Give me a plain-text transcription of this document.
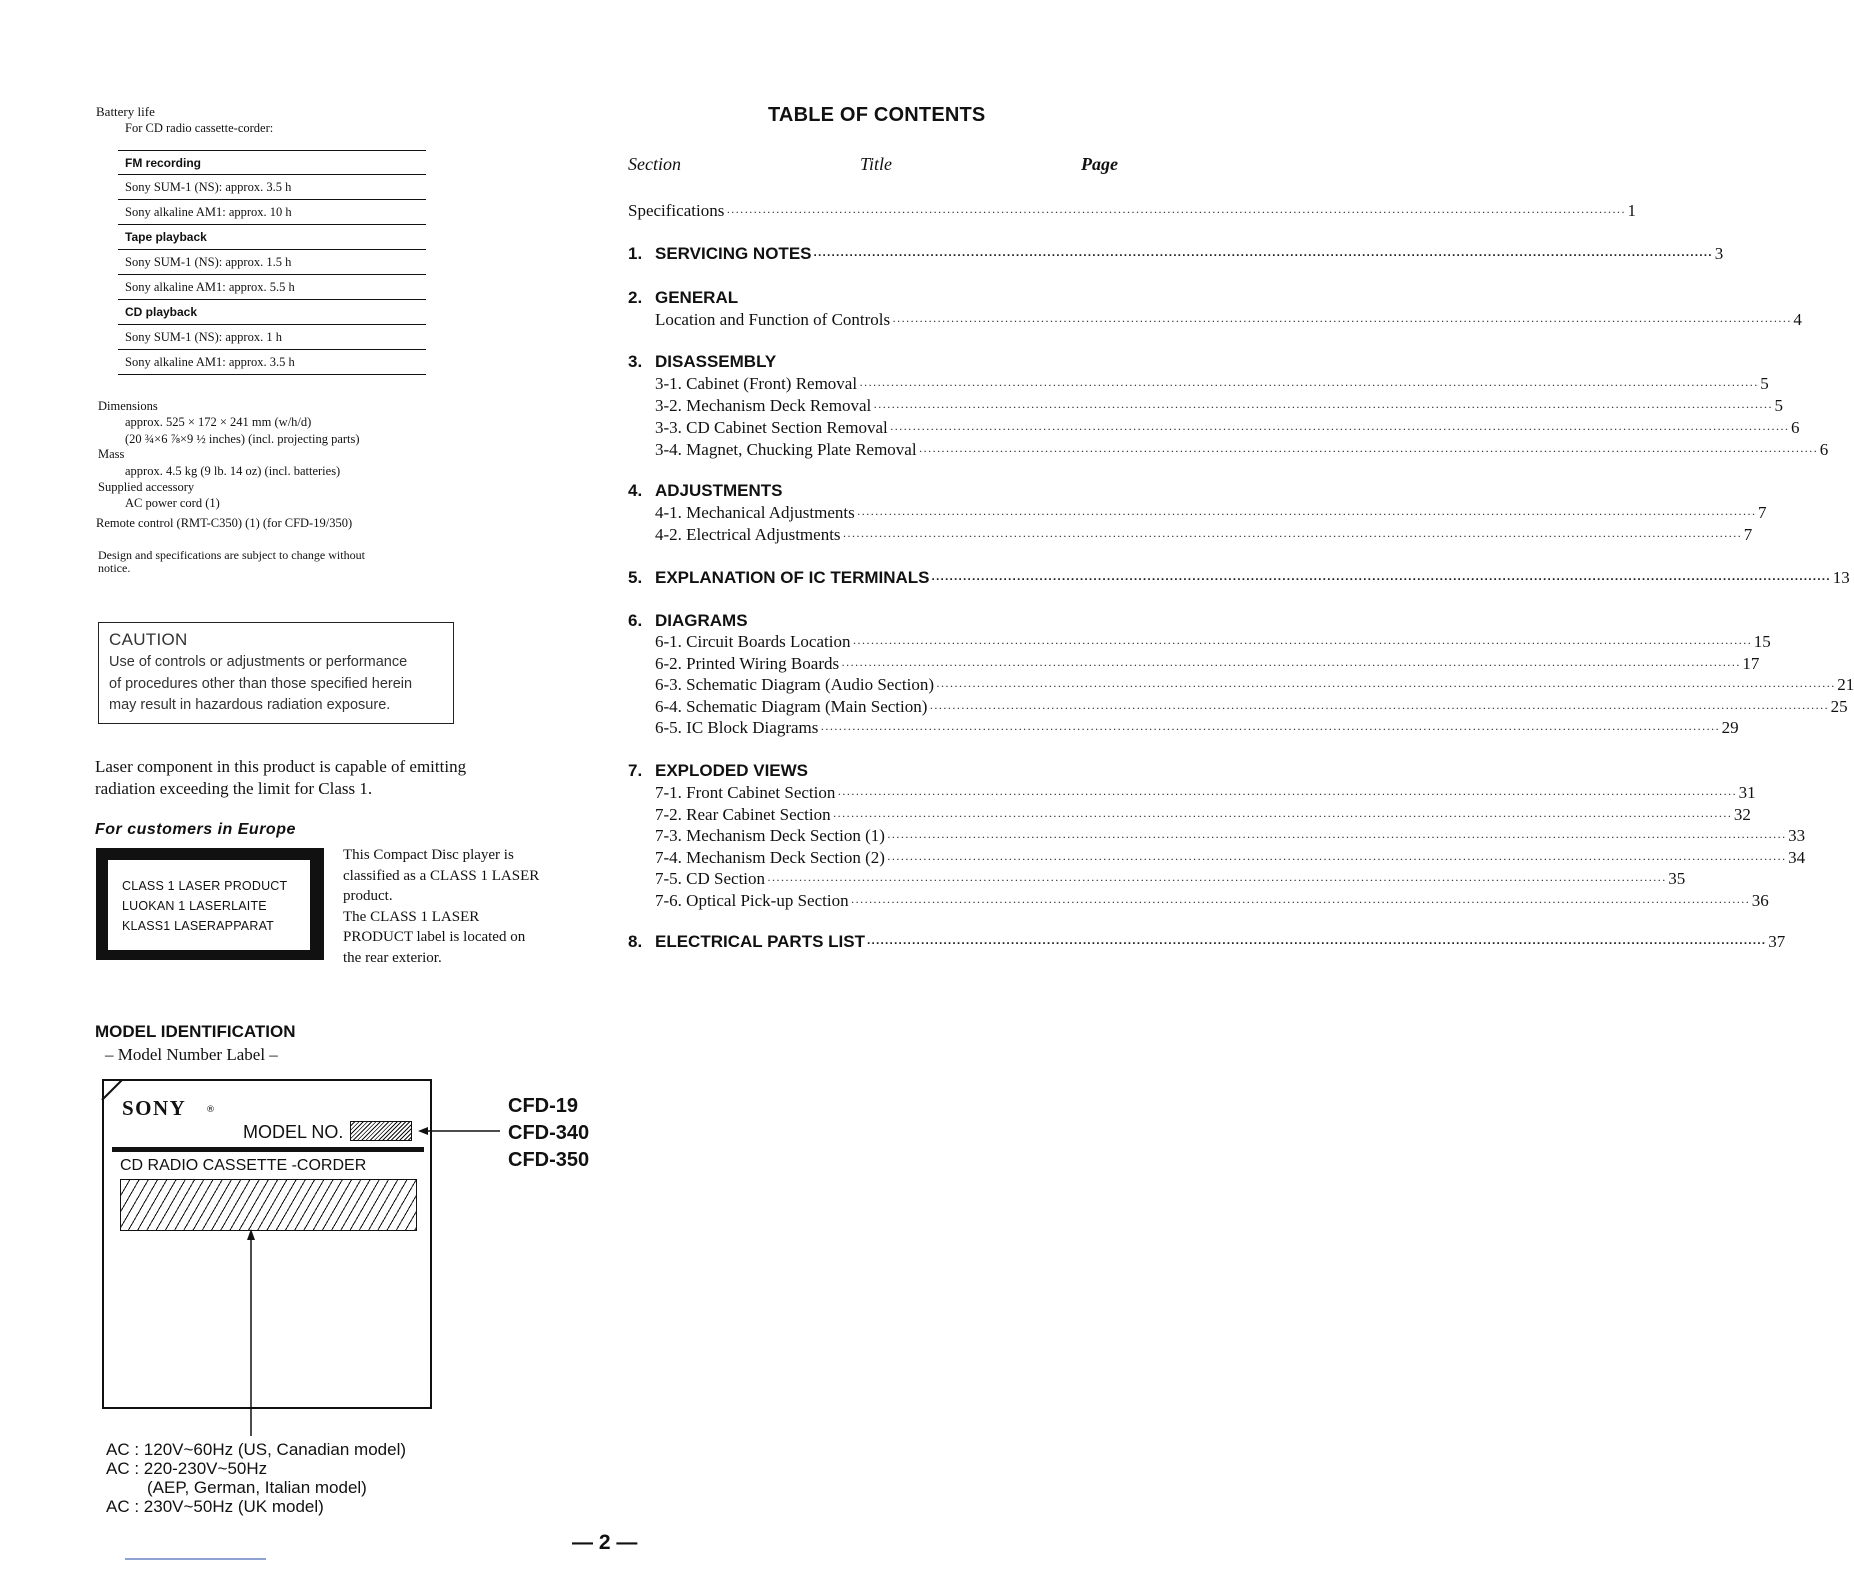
Battery life
For CD radio cassette-corder:
FM recording
Sony SUM-1 (NS): approx. 3.5 h
Sony alkaline AM1: approx. 10 h
Tape playback
Sony SUM-1 (NS): approx. 1.5 h
Sony alkaline AM1: approx. 5.5 h
CD playback
Sony SUM-1 (NS): approx. 1 h
Sony alkaline AM1: approx. 3.5 h
Dimensions
approx. 525 × 172 × 241 mm (w/h/d)
(20 ¾×6 ⅞×9 ½ inches) (incl. projecting parts)
Mass
approx. 4.5 kg (9 lb. 14 oz) (incl. batteries)
Supplied accessory
AC power cord (1)
Remote control (RMT-C350) (1) (for CFD-19/350)
Design and specifications are subject to change without
notice.
CAUTION
Use of controls or adjustments or performance
of procedures other than those specified herein
may result in hazardous radiation exposure.
Laser component in this product is capable of emitting
radiation exceeding the limit for Class 1.
For customers in Europe
CLASS 1 LASER PRODUCT
LUOKAN 1 LASERLAITE
KLASS1 LASERAPPARAT
This Compact Disc player is
classified as a CLASS 1 LASER
product.
The CLASS 1 LASER
PRODUCT label is located on
the rear exterior.
MODEL IDENTIFICATION
– Model Number Label –
SONY ®
MODEL NO.
CD RADIO CASSETTE -CORDER
CFD-19
CFD-340
CFD-350
AC : 120V~60Hz (US, Canadian model)
AC : 220-230V~50Hz
(AEP, German, Italian model)
AC : 230V~50Hz (UK model)
TABLE OF CONTENTS
Section	Title	Page
Specifications ········································································································································································································ 1
1. SERVICING NOTES ········································································································································································································ 3
2. GENERAL
Location and Function of Controls ········································································································································································································ 4
3. DISASSEMBLY
3-1. Cabinet (Front) Removal ········································································································································································································ 5
3-2. Mechanism Deck Removal ········································································································································································································ 5
3-3. CD Cabinet Section Removal ········································································································································································································ 6
3-4. Magnet, Chucking Plate Removal ········································································································································································································ 6
4. ADJUSTMENTS
4-1. Mechanical Adjustments ········································································································································································································ 7
4-2. Electrical Adjustments ········································································································································································································ 7
5. EXPLANATION OF IC TERMINALS ········································································································································································································ 13
6. DIAGRAMS
6-1. Circuit Boards Location ········································································································································································································ 15
6-2. Printed Wiring Boards ········································································································································································································ 17
6-3. Schematic Diagram (Audio Section) ········································································································································································································ 21
6-4. Schematic Diagram (Main Section) ········································································································································································································ 25
6-5. IC Block Diagrams ········································································································································································································ 29
7. EXPLODED VIEWS
7-1. Front Cabinet Section ········································································································································································································ 31
7-2. Rear Cabinet Section ········································································································································································································ 32
7-3. Mechanism Deck Section (1) ········································································································································································································ 33
7-4. Mechanism Deck Section (2) ········································································································································································································ 34
7-5. CD Section ········································································································································································································ 35
7-6. Optical Pick-up Section ········································································································································································································ 36
8. ELECTRICAL PARTS LIST ········································································································································································································ 37
— 2 —
